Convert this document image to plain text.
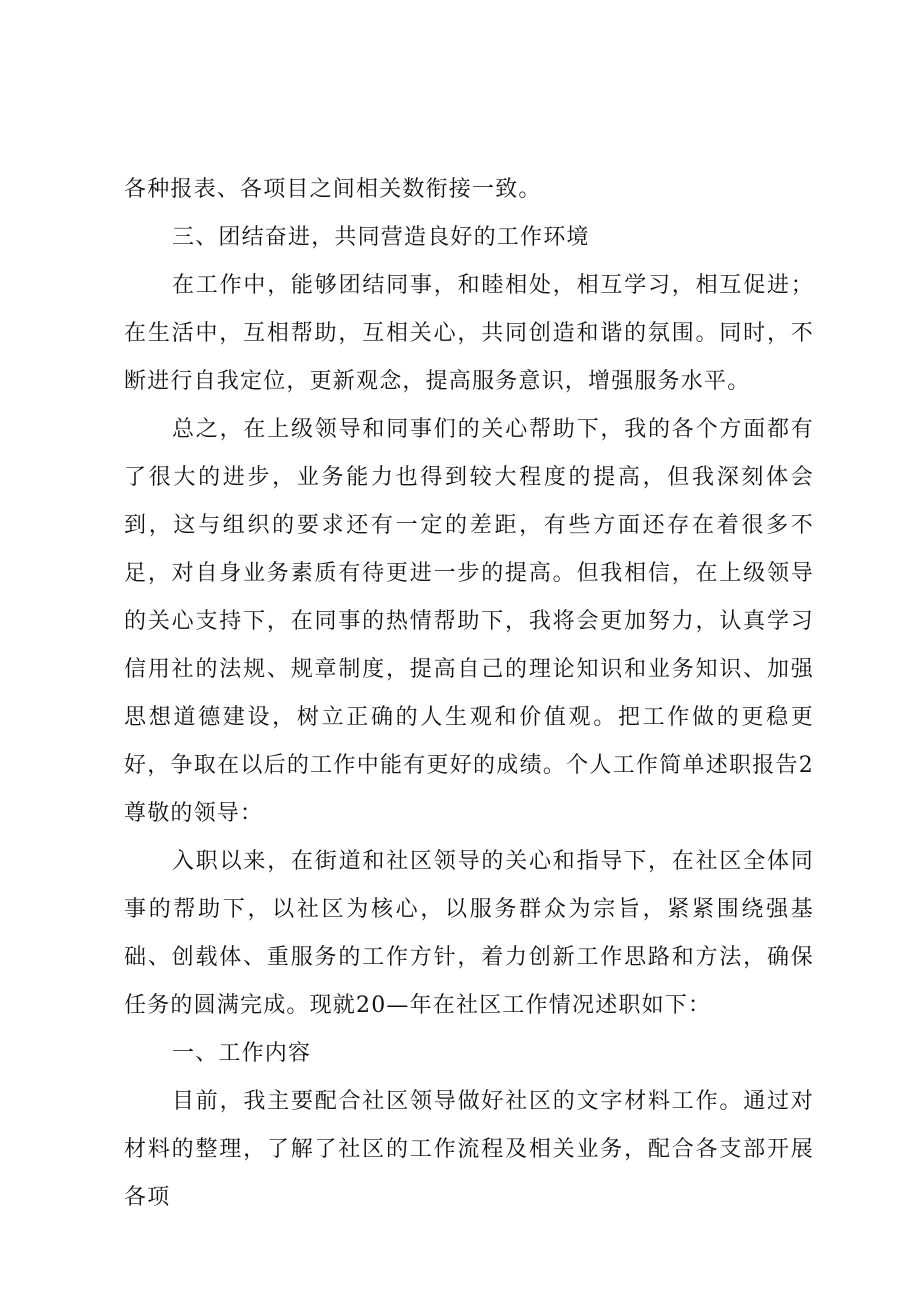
各种报表、各项目之间相关数衔接一致。

三、团结奋进，共同营造良好的工作环境

在工作中，能够团结同事，和睦相处，相互学习，相互促进；在生活中，互相帮助，互相关心，共同创造和谐的氛围。同时，不断进行自我定位，更新观念，提高服务意识，增强服务水平。

总之，在上级领导和同事们的关心帮助下，我的各个方面都有了很大的进步，业务能力也得到较大程度的提高，但我深刻体会到，这与组织的要求还有一定的差距，有些方面还存在着很多不足，对自身业务素质有待更进一步的提高。但我相信，在上级领导的关心支持下，在同事的热情帮助下，我将会更加努力，认真学习信用社的法规、规章制度，提高自己的理论知识和业务知识、加强思想道德建设，树立正确的人生观和价值观。把工作做的更稳更好，争取在以后的工作中能有更好的成绩。个人工作简单述职报告2尊敬的领导：

入职以来，在街道和社区领导的关心和指导下，在社区全体同事的帮助下，以社区为核心，以服务群众为宗旨，紧紧围绕强基础、创载体、重服务的工作方针，着力创新工作思路和方法，确保任务的圆满完成。现就20—年在社区工作情况述职如下：

一、工作内容

目前，我主要配合社区领导做好社区的文字材料工作。通过对材料的整理，了解了社区的工作流程及相关业务，配合各支部开展各项
